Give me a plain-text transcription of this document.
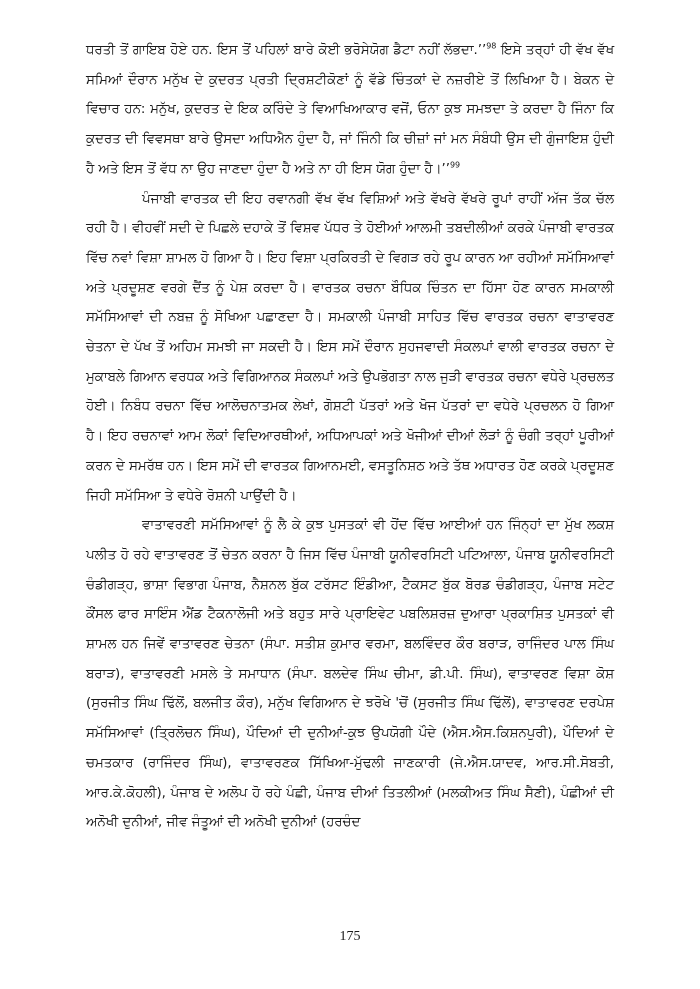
ਧਰਤੀ ਤੋਂ ਗਾਇਬ ਹੋਏ ਹਨ. ਇਸ ਤੋਂ ਪਹਿਲਾਂ ਬਾਰੇ ਕੋਈ ਭਰੋਸੇਯੋਗ ਡੈਟਾ ਨਹੀਂ ਲੱਭਦਾ.’’$^{98}$ ਇਸੇ ਤਰ੍ਹਾਂ ਹੀ ਵੱਖ ਵੱਖ ਸਮਿਆਂ ਦੌਰਾਨ ਮਨੁੱਖ ਦੇ ਕੁਦਰਤ ਪ੍ਰਤੀ ਦ੍ਰਿਸ਼ਟੀਕੋਣਾਂ ਨੂੰ ਵੱਡੇ ਚਿੰਤਕਾਂ ਦੇ ਨਜ਼ਰੀਏ ਤੋਂ ਲਿਖਿਆ ਹੈ। ਬੇਕਨ ਦੇ ਵਿਚਾਰ ਹਨ: ਮਨੁੱਖ, ਕੁਦਰਤ ਦੇ ਇਕ ਕਰਿੰਦੇ ਤੇ ਵਿਆਖਿਆਕਾਰ ਵਜੋਂ, ਓਨਾ ਕੁਝ ਸਮਝਦਾ ਤੇ ਕਰਦਾ ਹੈ ਜਿੰਨਾ ਕਿ ਕੁਦਰਤ ਦੀ ਵਿਵਸਥਾ ਬਾਰੇ ਉਸਦਾ ਅਧਿਐਨ ਹੁੰਦਾ ਹੈ, ਜਾਂ ਜਿੰਨੀ ਕਿ ਚੀਜ਼ਾਂ ਜਾਂ ਮਨ ਸੰਬੰਧੀ ਉਸ ਦੀ ਗੁੰਜਾਇਸ਼ ਹੁੰਦੀ ਹੈ ਅਤੇ ਇਸ ਤੋਂ ਵੱਧ ਨਾ ਉਹ ਜਾਣਦਾ ਹੁੰਦਾ ਹੈ ਅਤੇ ਨਾ ਹੀ ਇਸ ਯੋਗ ਹੁੰਦਾ ਹੈ।’’$^{99}$

ਪੰਜਾਬੀ ਵਾਰਤਕ ਦੀ ਇਹ ਰਵਾਨਗੀ ਵੱਖ ਵੱਖ ਵਿਸ਼ਿਆਂ ਅਤੇ ਵੱਖਰੇ ਵੱਖਰੇ ਰੂਪਾਂ ਰਾਹੀਂ ਅੱਜ ਤੱਕ ਚੱਲ ਰਹੀ ਹੈ। ਵੀਹਵੀਂ ਸਦੀ ਦੇ ਪਿਛਲੇ ਦਹਾਕੇ ਤੋਂ ਵਿਸ਼ਵ ਪੱਧਰ ਤੇ ਹੋਈਆਂ ਆਲਮੀ ਤਬਦੀਲੀਆਂ ਕਰਕੇ ਪੰਜਾਬੀ ਵਾਰਤਕ ਵਿੱਚ ਨਵਾਂ ਵਿਸ਼ਾ ਸ਼ਾਮਲ ਹੋ ਗਿਆ ਹੈ। ਇਹ ਵਿਸ਼ਾ ਪ੍ਰਕਿਰਤੀ ਦੇ ਵਿਗੜ ਰਹੇ ਰੂਪ ਕਾਰਨ ਆ ਰਹੀਆਂ ਸਮੱਸਿਆਵਾਂ ਅਤੇ ਪ੍ਰਦੂਸ਼ਣ ਵਰਗੇ ਦੈਂਤ ਨੂੰ ਪੇਸ਼ ਕਰਦਾ ਹੈ। ਵਾਰਤਕ ਰਚਨਾ ਬੌਧਿਕ ਚਿੰਤਨ ਦਾ ਹਿੱਸਾ ਹੋਣ ਕਾਰਨ ਸਮਕਾਲੀ ਸਮੱਸਿਆਵਾਂ ਦੀ ਨਬਜ਼ ਨੂੰ ਸੋਖਿਆ ਪਛਾਣਦਾ ਹੈ। ਸਮਕਾਲੀ ਪੰਜਾਬੀ ਸਾਹਿਤ ਵਿੱਚ ਵਾਰਤਕ ਰਚਨਾ ਵਾਤਾਵਰਣ ਚੇਤਨਾ ਦੇ ਪੱਖ ਤੋਂ ਅਹਿਮ ਸਮਝੀ ਜਾ ਸਕਦੀ ਹੈ। ਇਸ ਸਮੇਂ ਦੌਰਾਨ ਸੁਹਜਵਾਦੀ ਸੰਕਲਪਾਂ ਵਾਲੀ ਵਾਰਤਕ ਰਚਨਾ ਦੇ ਮੁਕਾਬਲੇ ਗਿਆਨ ਵਰਧਕ ਅਤੇ ਵਿਗਿਆਨਕ ਸੰਕਲਪਾਂ ਅਤੇ ਉਪਭੋਗਤਾ ਨਾਲ ਜੁੜੀ ਵਾਰਤਕ ਰਚਨਾ ਵਧੇਰੇ ਪ੍ਰਚਲਤ ਹੋਈ। ਨਿਬੰਧ ਰਚਨਾ ਵਿੱਚ ਆਲੋਚਨਾਤਮਕ ਲੇਖਾਂ, ਗੋਸ਼ਟੀ ਪੱਤਰਾਂ ਅਤੇ ਖੋਜ ਪੱਤਰਾਂ ਦਾ ਵਧੇਰੇ ਪ੍ਰਚਲਨ ਹੋ ਗਿਆ ਹੈ। ਇਹ ਰਚਨਾਵਾਂ ਆਮ ਲੋਕਾਂ ਵਿਦਿਆਰਥੀਆਂ, ਅਧਿਆਪਕਾਂ ਅਤੇ ਖੋਜੀਆਂ ਦੀਆਂ ਲੋੜਾਂ ਨੂੰ ਚੰਗੀ ਤਰ੍ਹਾਂ ਪੂਰੀਆਂ ਕਰਨ ਦੇ ਸਮਰੱਥ ਹਨ। ਇਸ ਸਮੇਂ ਦੀ ਵਾਰਤਕ ਗਿਆਨਮਈ, ਵਸਤੂਨਿਸ਼ਠ ਅਤੇ ਤੱਥ ਅਧਾਰਤ ਹੋਣ ਕਰਕੇ ਪ੍ਰਦੂਸ਼ਣ ਜਿਹੀ ਸਮੱਸਿਆ ਤੇ ਵਧੇਰੇ ਰੋਸ਼ਨੀ ਪਾਉਂਦੀ ਹੈ।

ਵਾਤਾਵਰਣੀ ਸਮੱਸਿਆਵਾਂ ਨੂੰ ਲੈ ਕੇ ਕੁਝ ਪੁਸਤਕਾਂ ਵੀ ਹੋਂਦ ਵਿੱਚ ਆਈਆਂ ਹਨ ਜਿੰਨ੍ਹਾਂ ਦਾ ਮੁੱਖ ਲਕਸ਼ ਪਲੀਤ ਹੋ ਰਹੇ ਵਾਤਾਵਰਣ ਤੋਂ ਚੇਤਨ ਕਰਨਾ ਹੈ ਜਿਸ ਵਿੱਚ ਪੰਜਾਬੀ ਯੂਨੀਵਰਸਿਟੀ ਪਟਿਆਲਾ, ਪੰਜਾਬ ਯੂਨੀਵਰਸਿਟੀ ਚੰਡੀਗੜ੍ਹ, ਭਾਸ਼ਾ ਵਿਭਾਗ ਪੰਜਾਬ, ਨੈਸ਼ਨਲ ਬੁੱਕ ਟਰੱਸਟ ਇੰਡੀਆ, ਟੈਕਸਟ ਬੁੱਕ ਬੋਰਡ ਚੰਡੀਗੜ੍ਹ, ਪੰਜਾਬ ਸਟੇਟ ਕੌਂਸਲ ਫਾਰ ਸਾਇੰਸ ਐਂਡ ਟੈਕਨਾਲੋਜੀ ਅਤੇ ਬਹੁਤ ਸਾਰੇ ਪ੍ਰਾਇਵੇਟ ਪਬਲਿਸ਼ਰਜ਼ ਦੁਆਰਾ ਪ੍ਰਕਾਸ਼ਿਤ ਪੁਸਤਕਾਂ ਵੀ ਸ਼ਾਮਲ ਹਨ ਜਿਵੇਂ ਵਾਤਾਵਰਣ ਚੇਤਨਾ (ਸੰਪਾ. ਸਤੀਸ਼ ਕੁਮਾਰ ਵਰਮਾ, ਬਲਵਿੰਦਰ ਕੌਰ ਬਰਾੜ, ਰਾਜਿੰਦਰ ਪਾਲ ਸਿੰਘ ਬਰਾੜ), ਵਾਤਾਵਰਣੀ ਮਸਲੇ ਤੇ ਸਮਾਧਾਨ (ਸੰਪਾ. ਬਲਦੇਵ ਸਿੰਘ ਚੀਮਾ, ਡੀ.ਪੀ. ਸਿੰਘ), ਵਾਤਾਵਰਣ ਵਿਸ਼ਾ ਕੋਸ਼ (ਸੁਰਜੀਤ ਸਿੰਘ ਢਿੱਲੋਂ, ਬਲਜੀਤ ਕੌਰ), ਮਨੁੱਖ ਵਿਗਿਆਨ ਦੇ ਝਰੋਖੇ 'ਚੋਂ (ਸੁਰਜੀਤ ਸਿੰਘ ਢਿੱਲੋਂ), ਵਾਤਾਵਰਣ ਦਰਪੇਸ਼ ਸਮੱਸਿਆਵਾਂ (ਤ੍ਰਿਲੋਚਨ ਸਿੰਘ), ਪੌਦਿਆਂ ਦੀ ਦੁਨੀਆਂ-ਕੁਝ ਉਪਯੋਗੀ ਪੌਦੇ (ਐਸ.ਐਸ.ਕਿਸ਼ਨਪੁਰੀ), ਪੌਦਿਆਂ ਦੇ ਚਮਤਕਾਰ (ਰਾਜਿੰਦਰ ਸਿੰਘ), ਵਾਤਾਵਰਣਕ ਸਿੱਖਿਆ-ਮੁੱਢਲੀ ਜਾਣਕਾਰੀ (ਜੇ.ਐਸ.ਯਾਦਵ, ਆਰ.ਸੀ.ਸੋਬਤੀ, ਆਰ.ਕੇ.ਕੋਹਲੀ), ਪੰਜਾਬ ਦੇ ਅਲੋਪ ਹੋ ਰਹੇ ਪੰਛੀ, ਪੰਜਾਬ ਦੀਆਂ ਤਿਤਲੀਆਂ (ਮਲਕੀਅਤ ਸਿੰਘ ਸੈਣੀ), ਪੰਛੀਆਂ ਦੀ ਅਨੋਖੀ ਦੁਨੀਆਂ, ਜੀਵ ਜੰਤੂਆਂ ਦੀ ਅਨੋਖੀ ਦੁਨੀਆਂ (ਹਰਚੰਦ

175
